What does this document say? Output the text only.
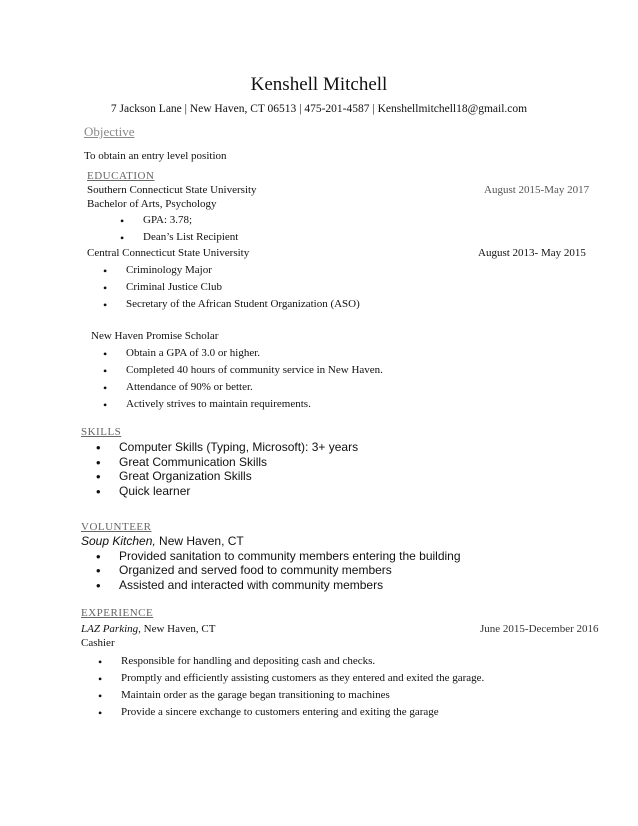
Kenshell Mitchell
7 Jackson Lane | New Haven, CT 06513 | 475-201-4587 | Kenshellmitchell18@gmail.com
Objective
To obtain an entry level position
EDUCATION
Southern Connecticut State University	August 2015-May 2017
Bachelor of Arts, Psychology
• GPA: 3.78;
• Dean’s List Recipient
Central Connecticut State University	August 2013- May 2015
• Criminology Major
• Criminal Justice Club
• Secretary of the African Student Organization (ASO)
New Haven Promise Scholar
• Obtain a GPA of 3.0 or higher.
• Completed 40 hours of community service in New Haven.
• Attendance of 90% or better.
• Actively strives to maintain requirements.
SKILLS
• Computer Skills (Typing, Microsoft): 3+ years
• Great Communication Skills
• Great Organization Skills
• Quick learner
VOLUNTEER
Soup Kitchen, New Haven, CT
• Provided sanitation to community members entering the building
• Organized and served food to community members
• Assisted and interacted with community members
EXPERIENCE
LAZ Parking, New Haven, CT	June 2015-December 2016
Cashier
• Responsible for handling and depositing cash and checks.
• Promptly and efficiently assisting customers as they entered and exited the garage.
• Maintain order as the garage began transitioning to machines
• Provide a sincere exchange to customers entering and exiting the garage
